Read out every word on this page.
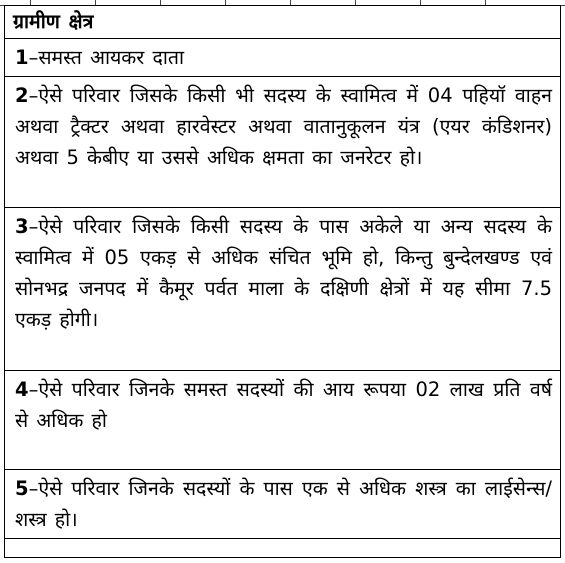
ग्रामीण क्षेत्र
1–समस्त आयकर दाता
2–ऐसे परिवार जिसके किसी भी सदस्य के स्वामित्व में 04 पहियॉ वाहन अथवा ट्रैक्टर अथवा हारवेस्टर अथवा वातानुकूलन यंत्र (एयर कंडिशनर) अथवा 5 केबीए या उससे अधिक क्षमता का जनरेटर हो।
3–ऐसे परिवार जिसके किसी सदस्य के पास अकेले या अन्य सदस्य के स्वामित्व में 05 एकड़ से अधिक संचित भूमि हो, किन्तु बुन्देलखण्ड एवं सोनभद्र जनपद में कैमूर पर्वत माला के दक्षिणी क्षेत्रों में यह सीमा 7.5 एकड़ होगी।
4–ऐसे परिवार जिनके समस्त सदस्यों की आय रूपया 02 लाख प्रति वर्ष से अधिक हो
5–ऐसे परिवार जिनके सदस्यों के पास एक से अधिक शस्त्र का लाईसेन्स/शस्त्र हो।
